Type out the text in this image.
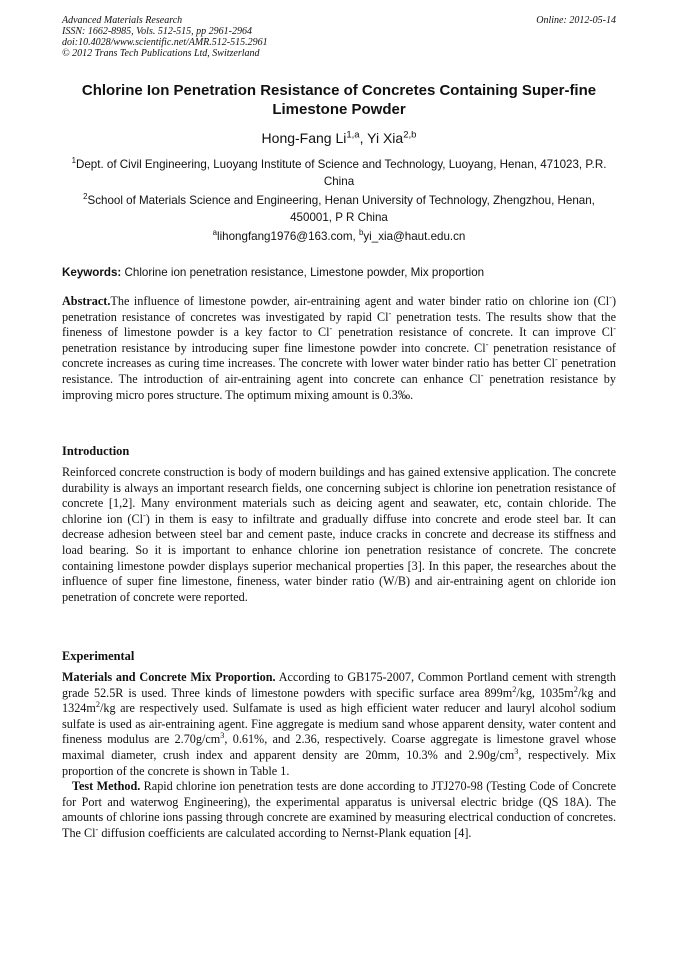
Advanced Materials Research
ISSN: 1662-8985, Vols. 512-515, pp 2961-2964
doi:10.4028/www.scientific.net/AMR.512-515.2961
© 2012 Trans Tech Publications Ltd, Switzerland
Online: 2012-05-14
Chlorine Ion Penetration Resistance of Concretes Containing Super-fine Limestone Powder
Hong-Fang Li$^{1,a}$, Yi Xia$^{2,b}$
$^1$Dept. of Civil Engineering, Luoyang Institute of Science and Technology, Luoyang, Henan, 471023, P.R. China
$^2$School of Materials Science and Engineering, Henan University of Technology, Zhengzhou, Henan, 450001, P R China
$^a$lihongfang1976@163.com, $^b$yi_xia@haut.edu.cn
Keywords: Chlorine ion penetration resistance, Limestone powder, Mix proportion
Abstract.The influence of limestone powder, air-entraining agent and water binder ratio on chlorine ion (Cl-) penetration resistance of concretes was investigated by rapid Cl- penetration tests. The results show that the fineness of limestone powder is a key factor to Cl- penetration resistance of concrete. It can improve Cl- penetration resistance by introducing super fine limestone powder into concrete. Cl- penetration resistance of concrete increases as curing time increases. The concrete with lower water binder ratio has better Cl- penetration resistance. The introduction of air-entraining agent into concrete can enhance Cl- penetration resistance by improving micro pores structure. The optimum mixing amount is 0.3‰.
Introduction
Reinforced concrete construction is body of modern buildings and has gained extensive application. The concrete durability is always an important research fields, one concerning subject is chlorine ion penetration resistance of concrete [1,2]. Many environment materials such as deicing agent and seawater, etc, contain chloride. The chlorine ion (Cl-) in them is easy to infiltrate and gradually diffuse into concrete and erode steel bar. It can decrease adhesion between steel bar and cement paste, induce cracks in concrete and decrease its stiffness and load bearing. So it is important to enhance chlorine ion penetration resistance of concrete. The concrete containing limestone powder displays superior mechanical properties [3]. In this paper, the researches about the influence of super fine limestone, fineness, water binder ratio (W/B) and air-entraining agent on chloride ion penetration of concrete were reported.
Experimental

Materials and Concrete Mix Proportion. According to GB175-2007, Common Portland cement with strength grade 52.5R is used. Three kinds of limestone powders with specific surface area $899m^2/kg$, $1035m^2/kg$ and $1324m^2/kg$ are respectively used. Sulfamate is used as high efficient water reducer and lauryl alcohol sodium sulfate is used as air-entraining agent. Fine aggregate is medium sand whose apparent density, water content and fineness modulus are $2.70g/cm^3$, 0.61%, and 2.36, respectively. Coarse aggregate is limestone gravel whose maximal diameter, crush index and apparent density are 20mm, 10.3% and $2.90g/cm^3$, respectively. Mix proportion of the concrete is shown in Table 1.

Test Method. Rapid chlorine ion penetration tests are done according to JTJ270-98 (Testing Code of Concrete for Port and waterwog Engineering), the experimental apparatus is universal electric bridge (QS 18A). The amounts of chlorine ions passing through concrete are examined by measuring electrical conduction of concretes. The Cl- diffusion coefficients are calculated according to Nernst-Plank equation [4].
